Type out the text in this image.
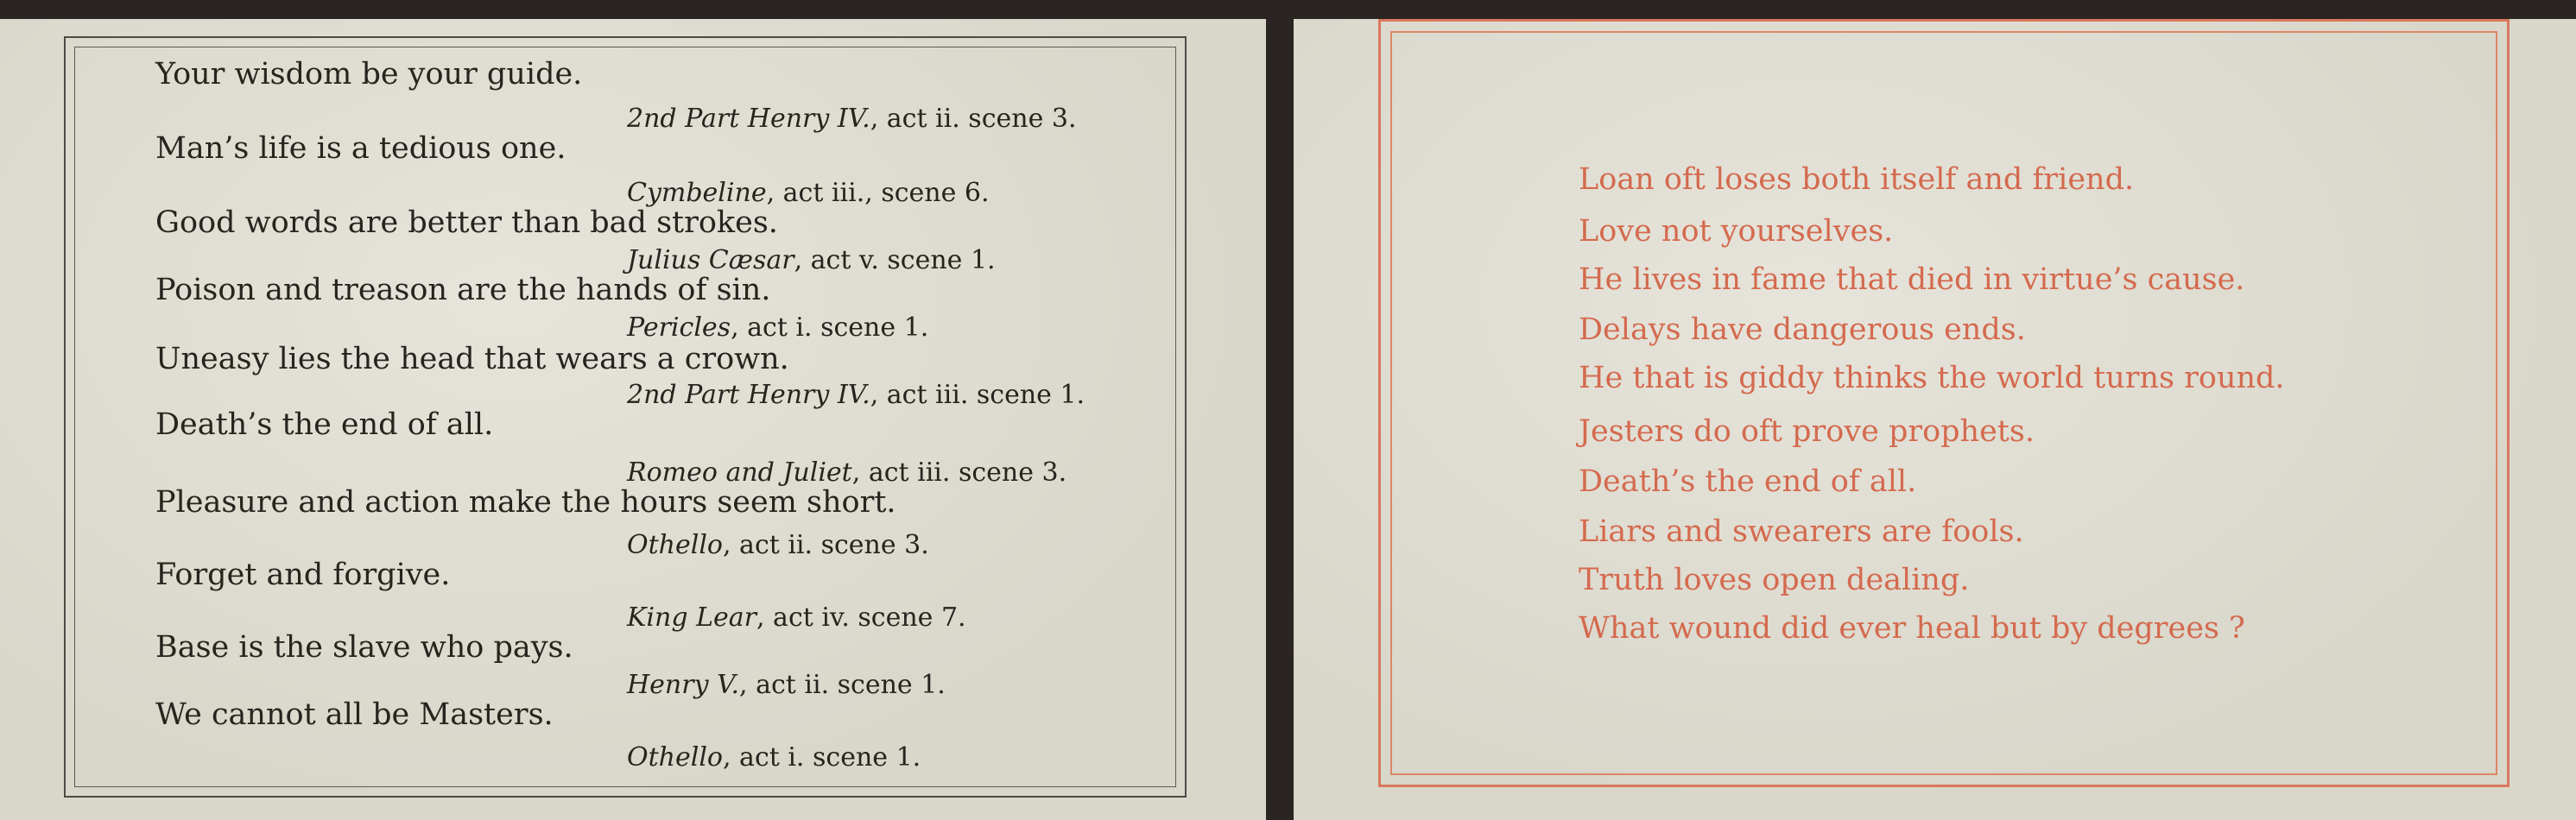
Your wisdom be your guide.
2nd Part Henry IV., act ii. scene 3.
Man’s life is a tedious one.
Cymbeline, act iii., scene 6.
Good words are better than bad strokes.
Julius Cæsar, act v. scene 1.
Poison and treason are the hands of sin.
Pericles, act i. scene 1.
Uneasy lies the head that wears a crown.
2nd Part Henry IV., act iii. scene 1.
Death’s the end of all.
Romeo and Juliet, act iii. scene 3.
Pleasure and action make the hours seem short.
Othello, act ii. scene 3.
Forget and forgive.
King Lear, act iv. scene 7.
Base is the slave who pays.
Henry V., act ii. scene 1.
We cannot all be Masters.
Othello, act i. scene 1.
Loan oft loses both itself and friend.
Love not yourselves.
He lives in fame that died in virtue’s cause.
Delays have dangerous ends.
He that is giddy thinks the world turns round.
Jesters do oft prove prophets.
Death’s the end of all.
Liars and swearers are fools.
Truth loves open dealing.
What wound did ever heal but by degrees ?
